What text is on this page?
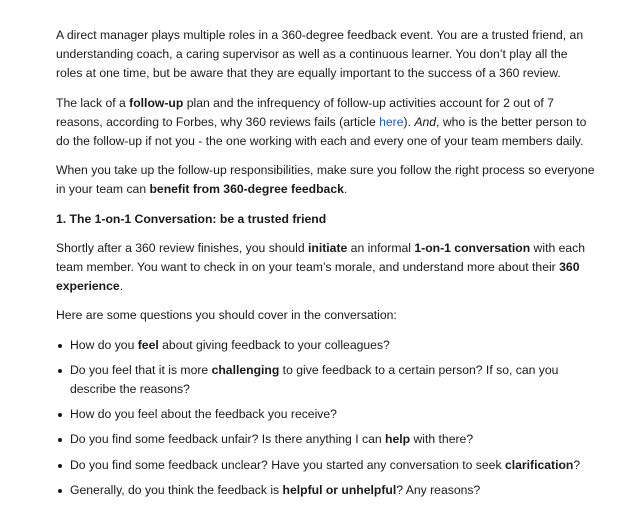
A direct manager plays multiple roles in a 360-degree feedback event. You are a trusted friend, an understanding coach, a caring supervisor as well as a continuous learner. You don’t play all the roles at one time, but be aware that they are equally important to the success of a 360 review.

The lack of a follow-up plan and the infrequency of follow-up activities account for 2 out of 7 reasons, according to Forbes, why 360 reviews fails (article here). And, who is the better person to do the follow-up if not you - the one working with each and every one of your team members daily.

When you take up the follow-up responsibilities, make sure you follow the right process so everyone in your team can benefit from 360-degree feedback.

1. The 1-on-1 Conversation: be a trusted friend

Shortly after a 360 review finishes, you should initiate an informal 1-on-1 conversation with each team member. You want to check in on your team’s morale, and understand more about their 360 experience.

Here are some questions you should cover in the conversation:

How do you feel about giving feedback to your colleagues?
Do you feel that it is more challenging to give feedback to a certain person? If so, can you describe the reasons?
How do you feel about the feedback you receive?
Do you find some feedback unfair? Is there anything I can help with there?
Do you find some feedback unclear? Have you started any conversation to seek clarification?
Generally, do you think the feedback is helpful or unhelpful? Any reasons?
